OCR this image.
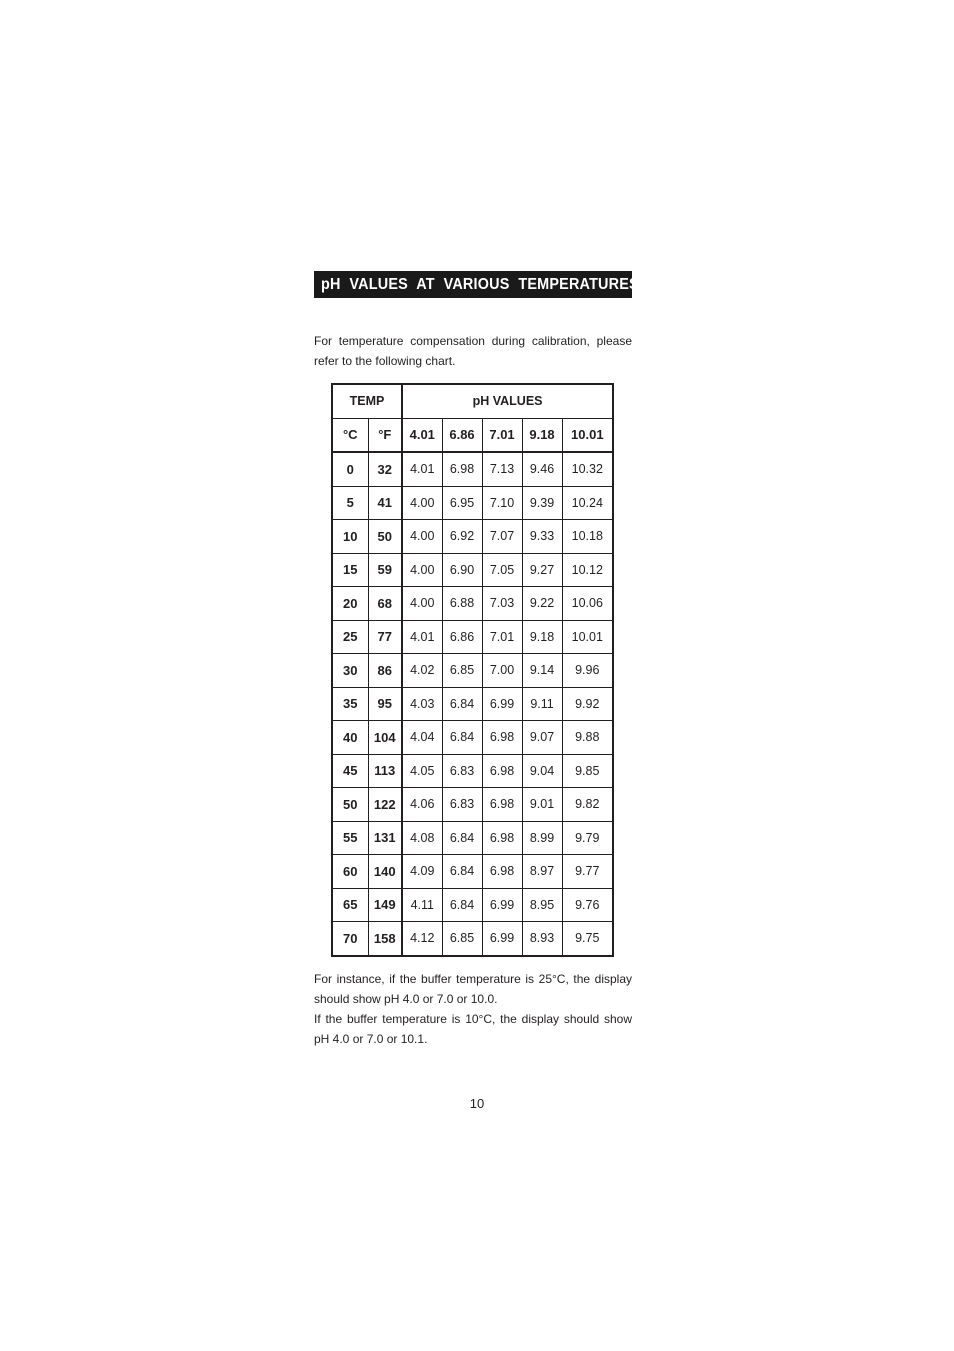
pH VALUES AT VARIOUS TEMPERATURES
For temperature compensation during calibration, please refer to the following chart.
TEMP		pH VALUES				
°C	°F	4.01	6.86	7.01	9.18	10.01
0	32	4.01	6.98	7.13	9.46	10.32
5	41	4.00	6.95	7.10	9.39	10.24
10	50	4.00	6.92	7.07	9.33	10.18
15	59	4.00	6.90	7.05	9.27	10.12
20	68	4.00	6.88	7.03	9.22	10.06
25	77	4.01	6.86	7.01	9.18	10.01
30	86	4.02	6.85	7.00	9.14	9.96
35	95	4.03	6.84	6.99	9.11	9.92
40	104	4.04	6.84	6.98	9.07	9.88
45	113	4.05	6.83	6.98	9.04	9.85
50	122	4.06	6.83	6.98	9.01	9.82
55	131	4.08	6.84	6.98	8.99	9.79
60	140	4.09	6.84	6.98	8.97	9.77
65	149	4.11	6.84	6.99	8.95	9.76
70	158	4.12	6.85	6.99	8.93	9.75
For instance, if the buffer temperature is 25°C, the display should show pH 4.0 or 7.0 or 10.0.
If the buffer temperature is 10°C, the display should show pH 4.0 or 7.0 or 10.1.
10
